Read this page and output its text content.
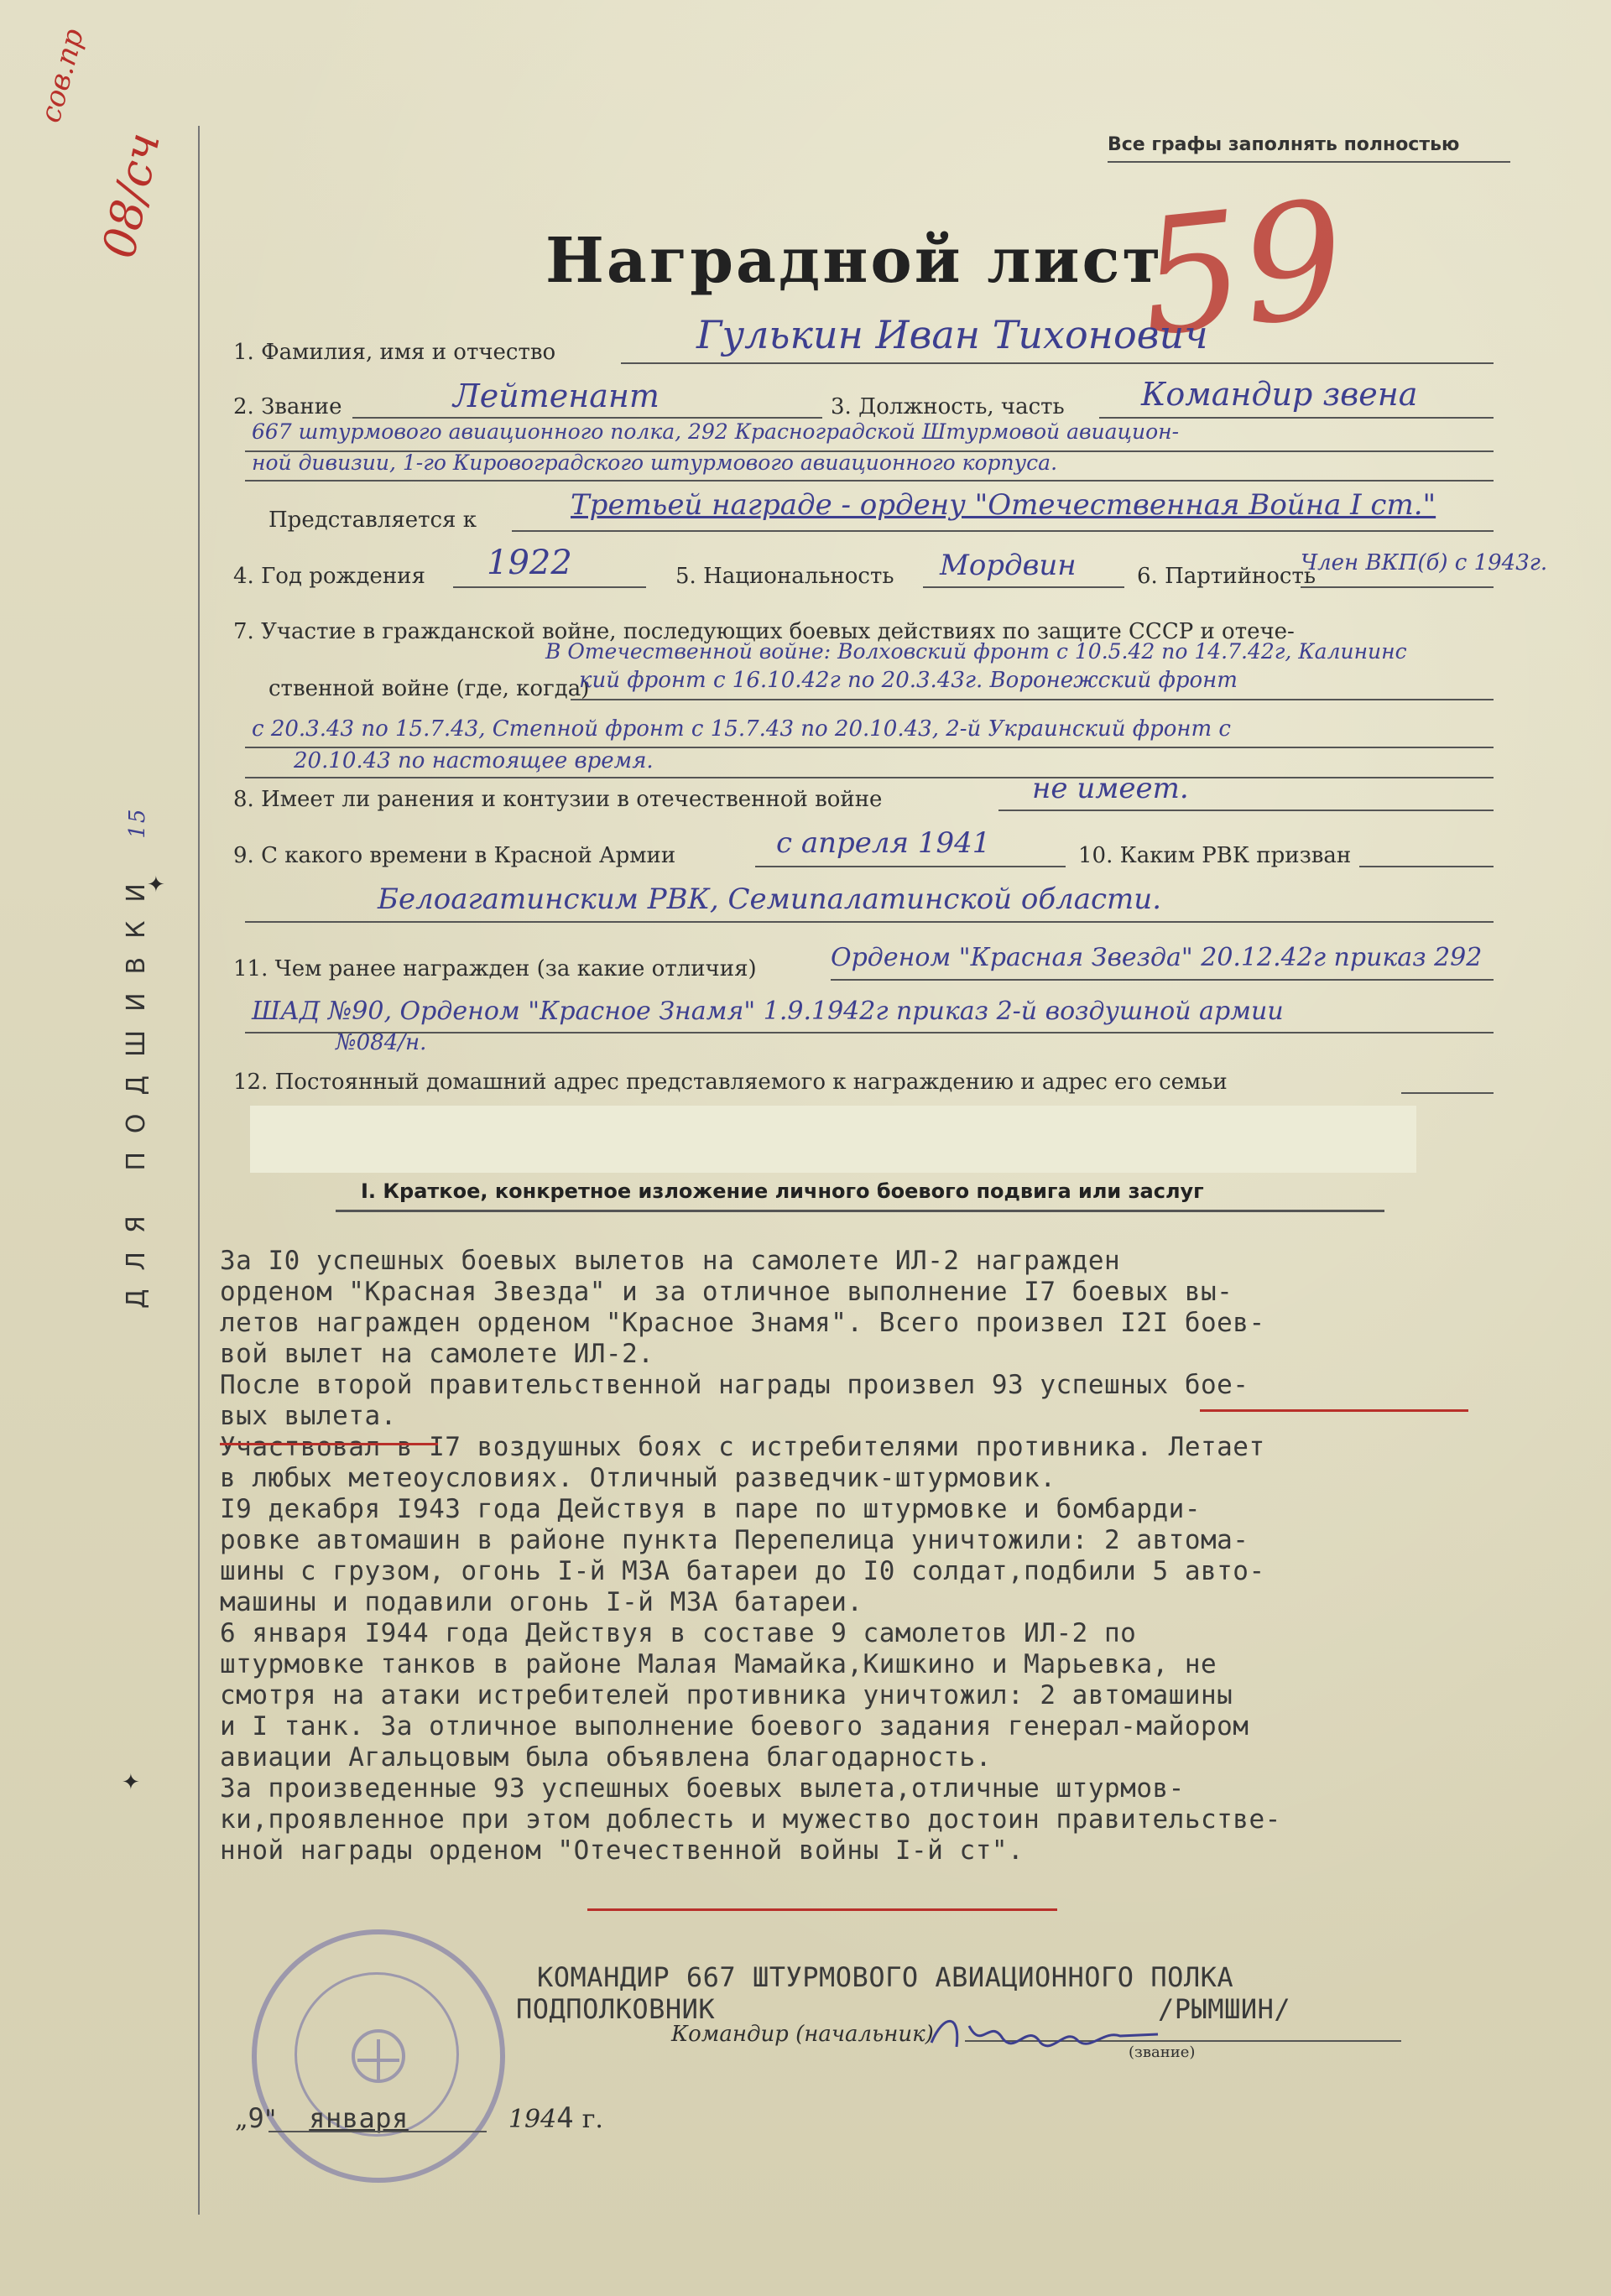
сов.пр
08/сч	Все графы заполнять полностью
Наградной лист
59
1. Фамилия, имя и отчество	Гулькин Иван Тихонович
2. Звание	Лейтенант	3. Должность, часть Командир звена
667 штурмового авиационного полка, 292 Красноградской Штурмовой авиацион-
ной дивизии, 1-го Кировоградского штурмового авиационного корпуса.
Представляется к	Третьей награде - ордену "Отечественная Война I ст."
4. Год рождения 1922	5. Национальность Мордвин	6. Партийность
Член ВКП(б) с 1943г.
7. Участие в гражданской войне, последующих боевых действиях по защите СССР и отече-
В Отечественной войне: Волховский фронт с 10.5.42 по 14.7.42г, Калининс
ственной войне (где, когда)
кий фронт с 16.10.42г по 20.3.43г. Воронежский фронт
с 20.3.43 по 15.7.43, Степной фронт с 15.7.43 по 20.10.43, 2-й Украинский фронт с
20.10.43 по настоящее время.
8. Имеет ли ранения и контузии в отечественной войне	не имеет.
9. С какого времени в Красной Армии	с апреля 1941	10. Каким РВК призван
Белоагатинским РВК, Семипалатинской области.
11. Чем ранее награжден (за какие отличия)	Орденом "Красная Звезда" 20.12.42г приказ 292
ШАД №90, Орденом "Красное Знамя" 1.9.1942г приказ 2-й воздушной армии
№084/н.
12. Постоянный домашний адрес представляемого к награждению и адрес его семьи
I. Краткое, конкретное изложение личного боевого подвига или заслуг
За I0 успешных боевых вылетов на самолете ИЛ-2 награжден
орденом "Красная Звезда" и за отличное выполнение I7 боевых вы-
летов награжден орденом "Красное Знамя". Всего произвел I2I боев-
вой вылет на самолете ИЛ-2.
После второй правительственной награды произвел 93 успешных бое-
вых вылета.
Участвовал в I7 воздушных боях с истребителями противника. Летает
в любых метеоусловиях. Отличный разведчик-штурмовик.
I9 декабря I943 года Действуя в паре по штурмовке и бомбарди-
ровке автомашин в районе пункта Перепелица уничтожили: 2 автома-
шины с грузом, огонь I-й МЗА батареи до I0 солдат,подбили 5 авто-
машины и подавили огонь I-й МЗА батареи.
6 января I944 года Действуя в составе 9 самолетов ИЛ-2 по
штурмовке танков в районе Малая Мамайка,Кишкино и Марьевка, не
смотря на атаки истребителей противника уничтожил: 2 автомашины
и I танк. За отличное выполнение боевого задания генерал-майором
авиации Агальцовым была объявлена благодарность.
За произведенные 93 успешных боевых вылета,отличные штурмов-
ки,проявленное при этом доблесть и мужество достоин правительстве-
нной награды орденом "Отечественной войны I-й ст".
ДЛЯ ПОДШИВКИ 15
КОМАНДИР 667 ШТУРМОВОГО АВИАЦИОННОГО ПОЛКА
ПОДПОЛКОВНИК
Командир (начальник)
/РЫМШИН/
(звание)
„9" января	1944 г.
✦
✦
